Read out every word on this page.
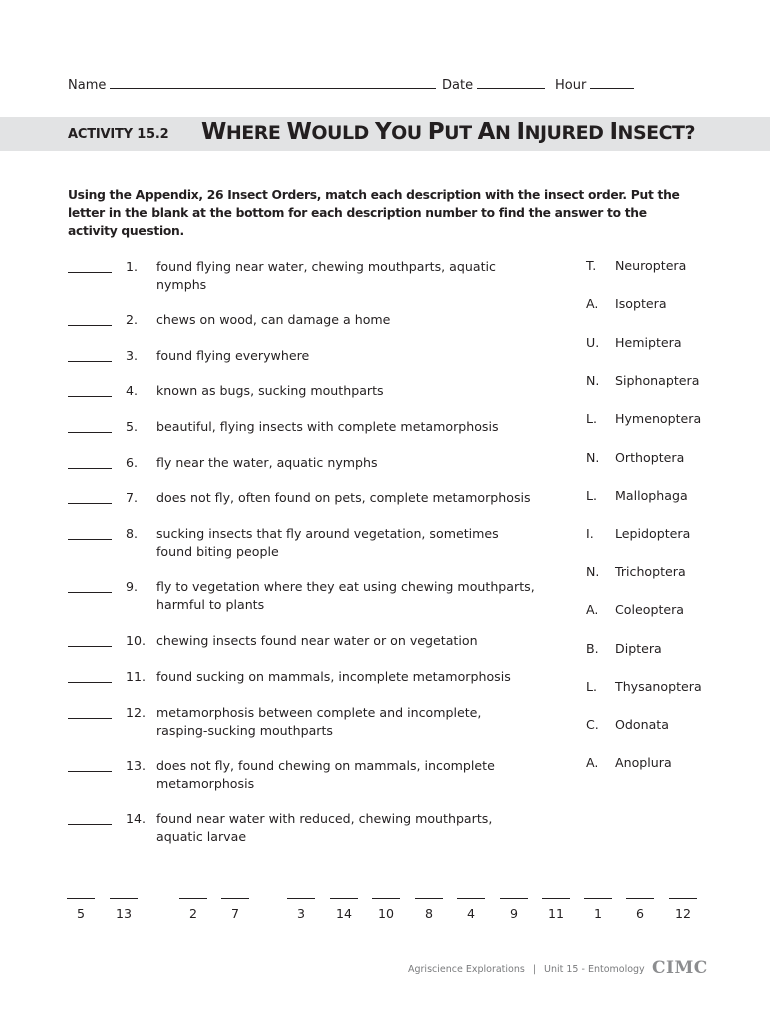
Name	Date	Hour
ACTIVITY 15.2 WHERE WOULD YOU PUT AN INJURED INSECT?
Using the Appendix, 26 Insect Orders, match each description with the insect order. Put the letter in the blank at the bottom for each description number to find the answer to the activity question.
1.	found flying near water, chewing mouthparts, aquatic nymphs
2.	chews on wood, can damage a home
3.	found flying everywhere
4.	known as bugs, sucking mouthparts
5.	beautiful, flying insects with complete metamorphosis
6.	fly near the water, aquatic nymphs
7.	does not fly, often found on pets, complete metamorphosis
8.	sucking insects that fly around vegetation, sometimes found biting people
9.	fly to vegetation where they eat using chewing mouthparts, harmful to plants
10. chewing insects found near water or on vegetation
11. found sucking on mammals, incomplete metamorphosis
12. metamorphosis between complete and incomplete, rasping-sucking mouthparts
13. does not fly, found chewing on mammals, incomplete metamorphosis
14. found near water with reduced, chewing mouthparts, aquatic larvae
T. Neuroptera
A. Isoptera
U. Hemiptera
N. Siphonaptera
L. Hymenoptera
N. Orthoptera
L. Mallophaga
I. Lepidoptera
N. Trichoptera
A. Coleoptera
B. Diptera
L. Thysanoptera
C. Odonata
A. Anoplura
5	13	2	7	3	14	10	8	4	9	11	1	6	12
Agriscience Explorations | Unit 15 - Entomology CIMC
